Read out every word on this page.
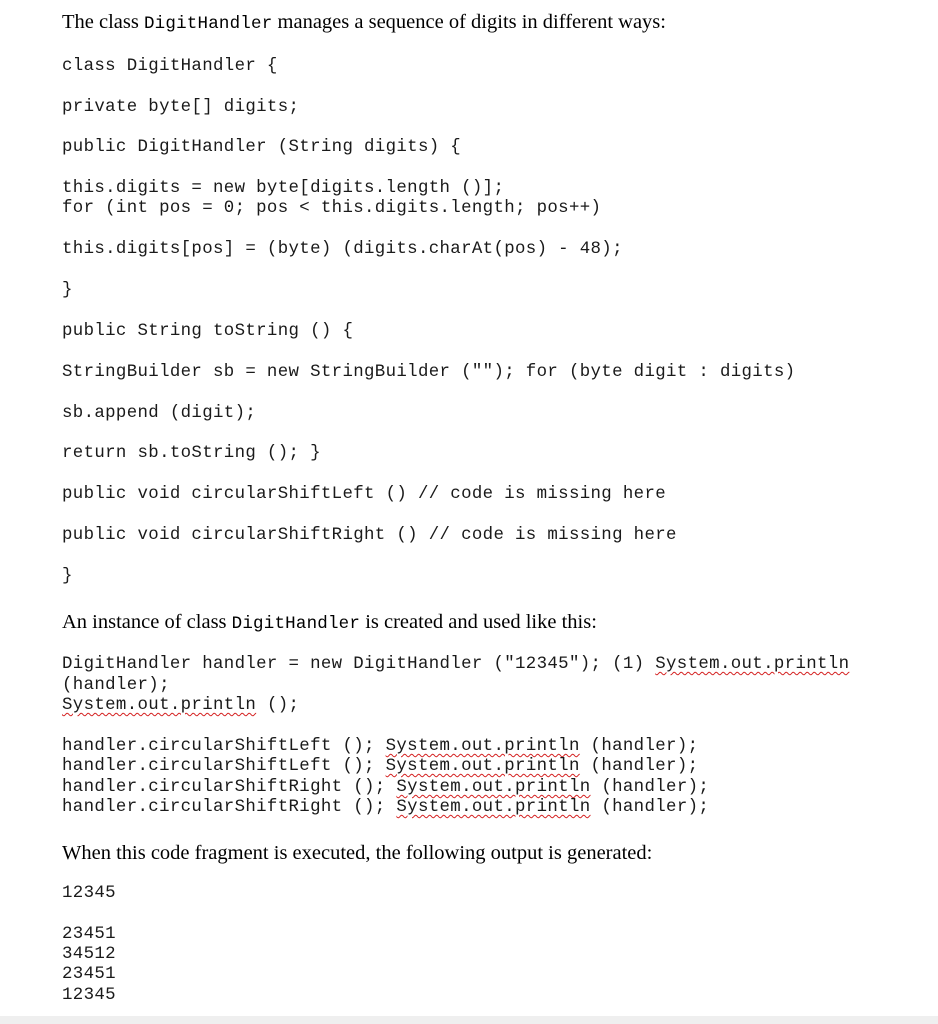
The class DigitHandler manages a sequence of digits in different ways:

class DigitHandler {

private byte[] digits;

public DigitHandler (String digits) {

this.digits = new byte[digits.length ()];

for (int pos = 0; pos < this.digits.length; pos++)

this.digits[pos] = (byte) (digits.charAt(pos) - 48);

}

public String toString () {

StringBuilder sb = new StringBuilder (""); for (byte digit : digits)

sb.append (digit);

return sb.toString (); }

public void circularShiftLeft () // code is missing here

public void circularShiftRight () // code is missing here

}

An instance of class DigitHandler is created and used like this:

DigitHandler handler = new DigitHandler ("12345"); (1) System.out.println

(handler);

System.out.println ();

handler.circularShiftLeft (); System.out.println (handler);

handler.circularShiftLeft (); System.out.println (handler);

handler.circularShiftRight (); System.out.println (handler);

handler.circularShiftRight (); System.out.println (handler);

When this code fragment is executed, the following output is generated:

12345

23451

34512

23451

12345
